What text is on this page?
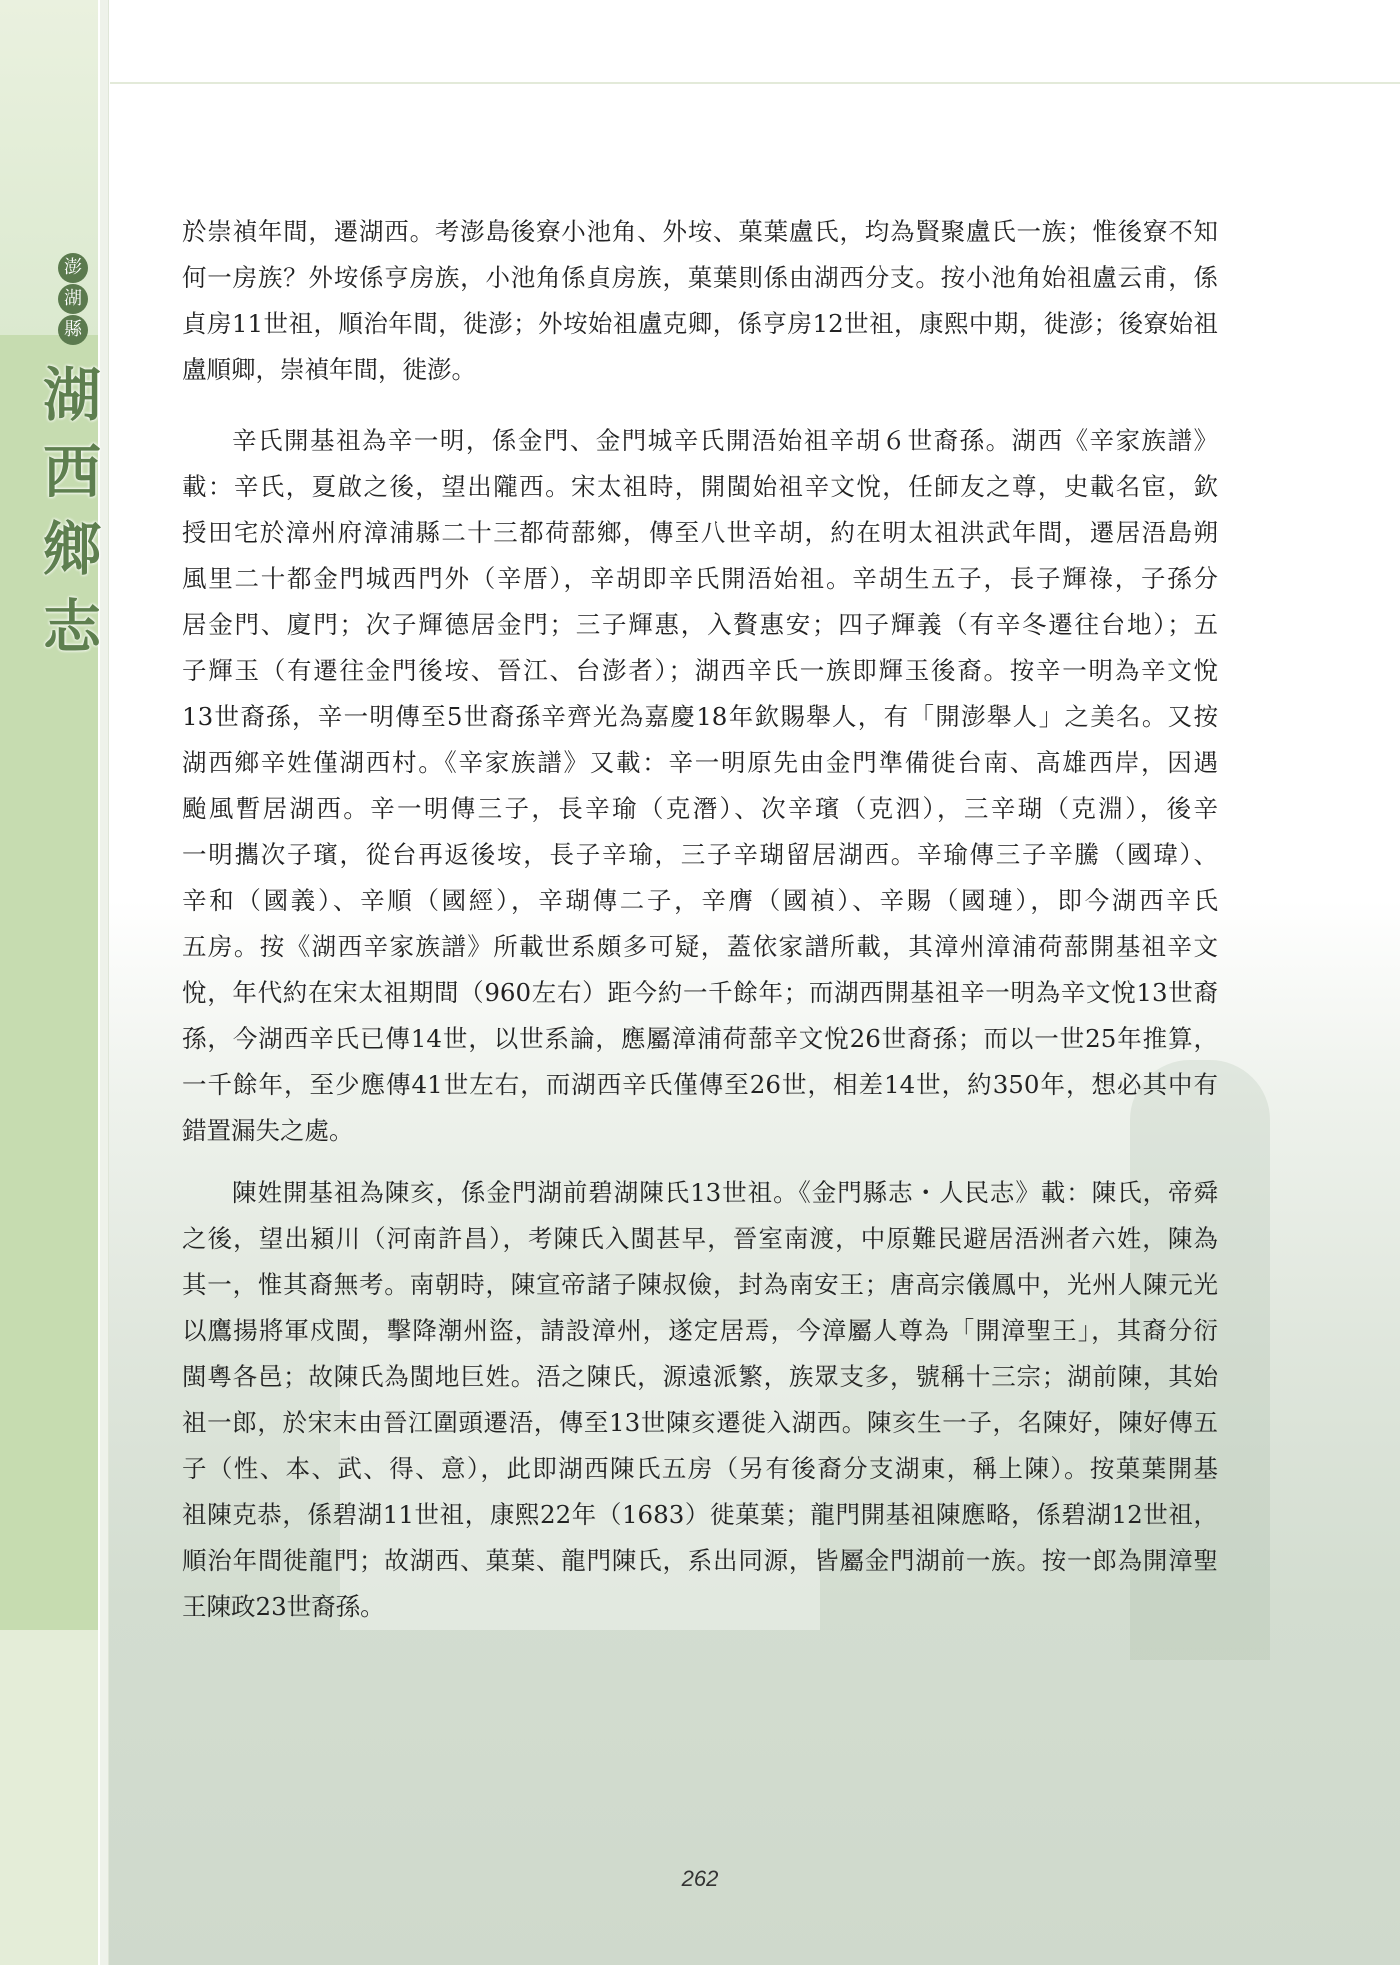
澎
湖
縣
湖
西
鄉
志
於崇禎年間，遷湖西。考澎島後寮小池角、外垵、菓葉盧氏，均為賢聚盧氏一族；惟後寮不知
何一房族？外垵係亨房族，小池角係貞房族，菓葉則係由湖西分支。按小池角始祖盧云甫，係
貞房11世祖，順治年間，徙澎；外垵始祖盧克卿，係亨房12世祖，康熙中期，徙澎；後寮始祖
盧順卿，崇禎年間，徙澎。
辛氏開基祖為辛一明，係金門、金門城辛氏開浯始祖辛胡６世裔孫。湖西《辛家族譜》
載：辛氏，夏啟之後，望出隴西。宋太祖時，開閩始祖辛文悅，任師友之尊，史載名宦，欽
授田宅於漳州府漳浦縣二十三都荷蔀鄉，傳至八世辛胡，約在明太祖洪武年間，遷居浯島朔
風里二十都金門城西門外（辛厝），辛胡即辛氏開浯始祖。辛胡生五子，長子輝祿，子孫分
居金門、廈門；次子輝德居金門；三子輝惠，入贅惠安；四子輝義（有辛冬遷往台地）；五
子輝玉（有遷往金門後垵、晉江、台澎者）；湖西辛氏一族即輝玉後裔。按辛一明為辛文悅
13世裔孫，辛一明傳至5世裔孫辛齊光為嘉慶18年欽賜舉人，有「開澎舉人」之美名。又按
湖西鄉辛姓僅湖西村。《辛家族譜》又載：辛一明原先由金門準備徙台南、高雄西岸，因遇
颱風暫居湖西。辛一明傳三子，長辛瑜（克潛）、次辛璸（克泗），三辛瑚（克淵），後辛
一明攜次子璸，從台再返後垵，長子辛瑜，三子辛瑚留居湖西。辛瑜傳三子辛騰（國瑋）、
辛和（國義）、辛順（國經），辛瑚傳二子，辛膺（國禎）、辛賜（國璉），即今湖西辛氏
五房。按《湖西辛家族譜》所載世系頗多可疑，蓋依家譜所載，其漳州漳浦荷蔀開基祖辛文
悅，年代約在宋太祖期間（960左右）距今約一千餘年；而湖西開基祖辛一明為辛文悅13世裔
孫，今湖西辛氏已傳14世，以世系論，應屬漳浦荷蔀辛文悅26世裔孫；而以一世25年推算，
一千餘年，至少應傳41世左右，而湖西辛氏僅傳至26世，相差14世，約350年，想必其中有
錯置漏失之處。
陳姓開基祖為陳亥，係金門湖前碧湖陳氏13世祖。《金門縣志・人民志》載：陳氏，帝舜
之後，望出潁川（河南許昌），考陳氏入閩甚早，晉室南渡，中原難民避居浯洲者六姓，陳為
其一，惟其裔無考。南朝時，陳宣帝諸子陳叔儉，封為南安王；唐高宗儀鳳中，光州人陳元光
以鷹揚將軍戍閩，擊降潮州盜，請設漳州，遂定居焉，今漳屬人尊為「開漳聖王」，其裔分衍
閩粵各邑；故陳氏為閩地巨姓。浯之陳氏，源遠派繁，族眾支多，號稱十三宗；湖前陳，其始
祖一郎，於宋末由晉江圍頭遷浯，傳至13世陳亥遷徙入湖西。陳亥生一子，名陳好，陳好傳五
子（性、本、武、得、意），此即湖西陳氏五房（另有後裔分支湖東，稱上陳）。按菓葉開基
祖陳克恭，係碧湖11世祖，康熙22年（1683）徙菓葉；龍門開基祖陳應略，係碧湖12世祖，
順治年間徙龍門；故湖西、菓葉、龍門陳氏，系出同源，皆屬金門湖前一族。按一郎為開漳聖
王陳政23世裔孫。
262
